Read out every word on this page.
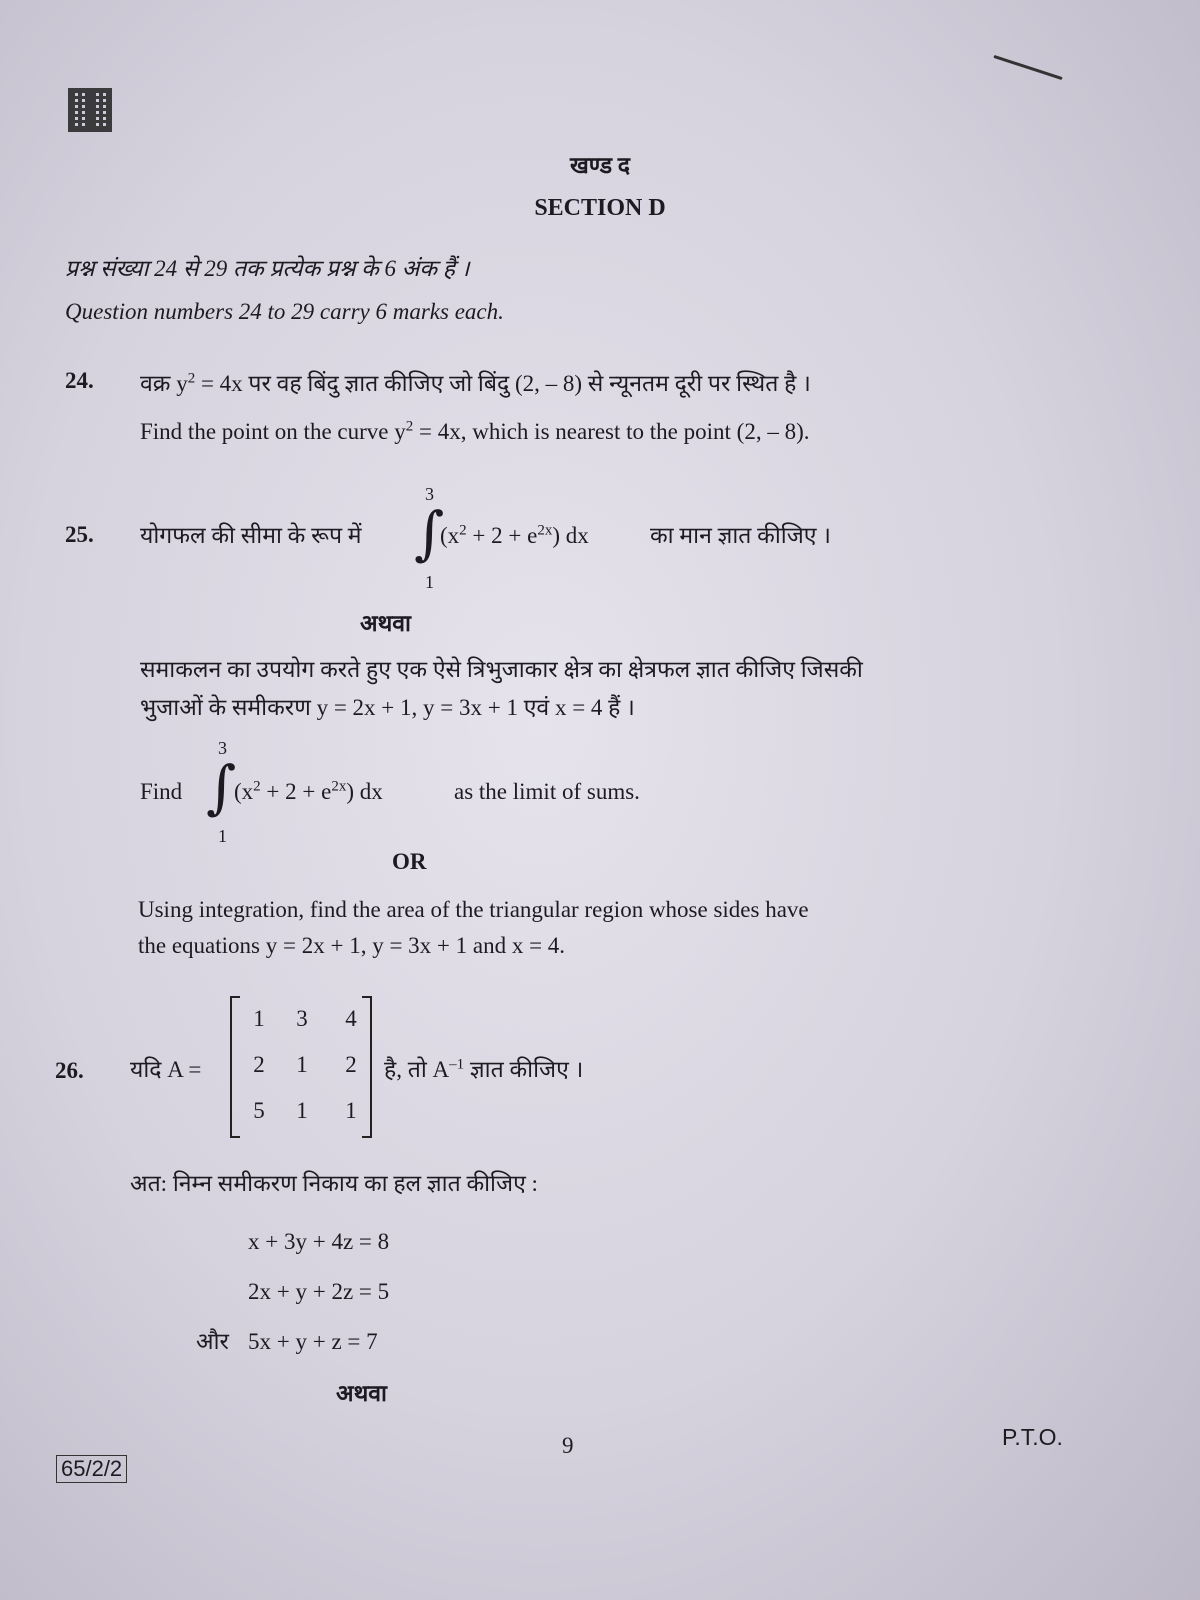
खण्ड द
SECTION D
प्रश्न संख्या 24 से 29 तक प्रत्येक प्रश्न के 6 अंक हैं ।
Question numbers 24 to 29 carry 6 marks each.
24. वक्र $y^2 = 4x$ पर वह बिंदु ज्ञात कीजिए जो बिंदु (2, – 8) से न्यूनतम दूरी पर स्थित है ।
Find the point on the curve $y^2 = 4x$, which is nearest to the point (2, – 8).
25. योगफल की सीमा के रूप में
3
∫
1
$(x^2 + 2 + e^{2x})$ dx	का मान ज्ञात कीजिए ।
अथवा
समाकलन का उपयोग करते हुए एक ऐसे त्रिभुजाकार क्षेत्र का क्षेत्रफल ज्ञात कीजिए जिसकी
भुजाओं के समीकरण y = 2x + 1, y = 3x + 1 एवं x = 4 हैं ।
Find
3
∫
1
$(x^2 + 2 + e^{2x})$ dx	as the limit of sums.
OR
Using integration, find the area of the triangular region whose sides have
the equations y = 2x + 1, y = 3x + 1 and x = 4.
26. यदि A =
1	3	4
2	1	2
5	1	1
है, तो $A^{-1}$ ज्ञात कीजिए ।
अत: निम्न समीकरण निकाय का हल ज्ञात कीजिए :
x + 3y + 4z = 8
2x + y + 2z = 5
और 5x + y + z = 7
अथवा
9	P.T.O.
65/2/2
